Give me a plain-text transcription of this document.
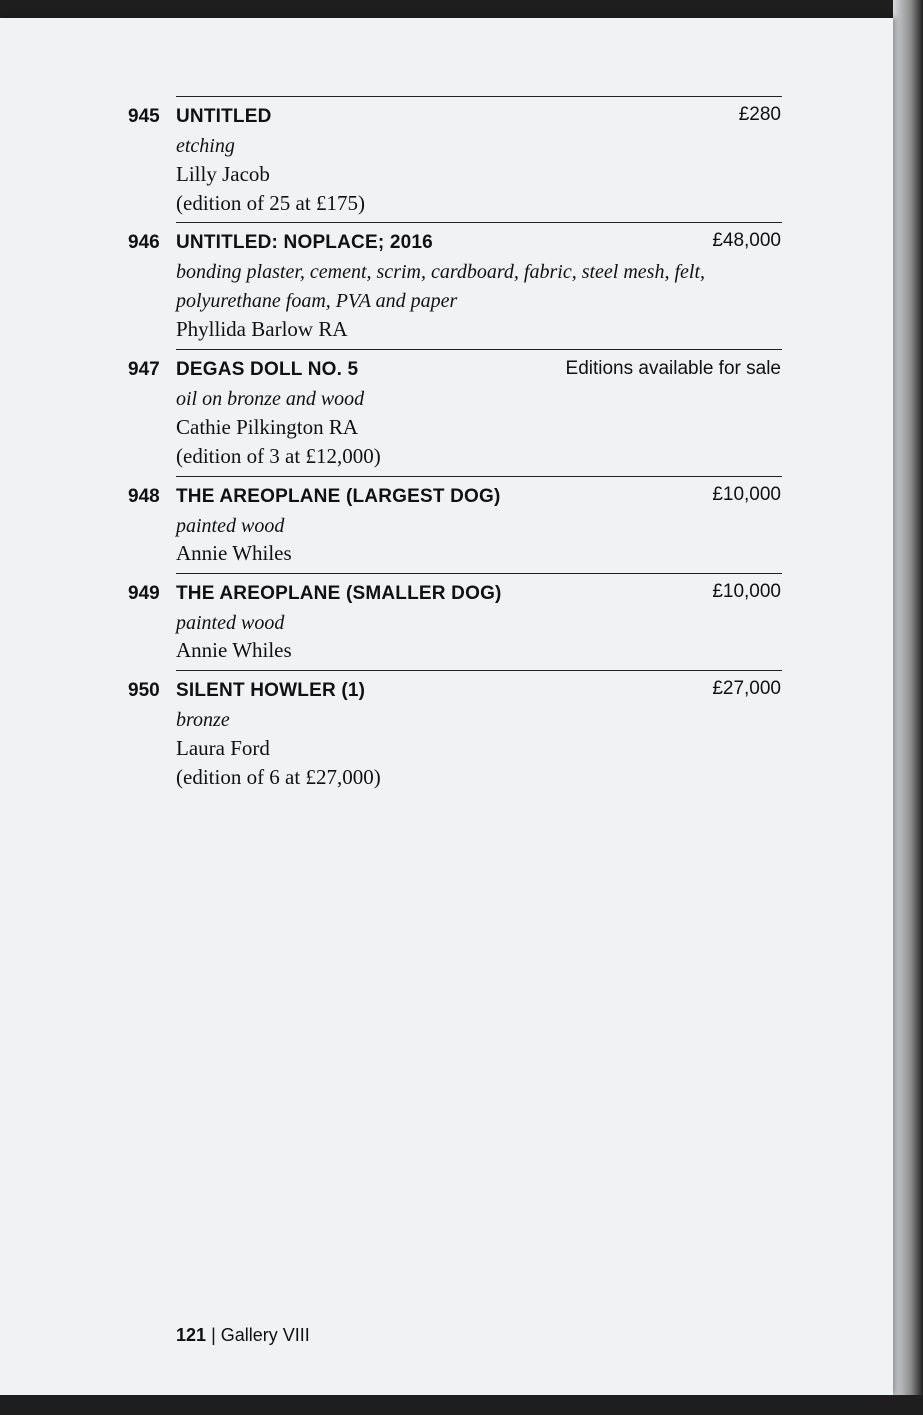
945 UNTITLED	£280
etching
Lilly Jacob
(edition of 25 at £175)
946 UNTITLED: NOPLACE; 2016	£48,000
bonding plaster, cement, scrim, cardboard, fabric, steel mesh, felt,
polyurethane foam, PVA and paper
Phyllida Barlow RA
947 DEGAS DOLL NO. 5	Editions available for sale
oil on bronze and wood
Cathie Pilkington RA
(edition of 3 at £12,000)
948 THE AREOPLANE (LARGEST DOG)	£10,000
painted wood
Annie Whiles
949 THE AREOPLANE (SMALLER DOG)	£10,000
painted wood
Annie Whiles
950 SILENT HOWLER (1)	£27,000
bronze
Laura Ford
(edition of 6 at £27,000)
121 | Gallery VIII
